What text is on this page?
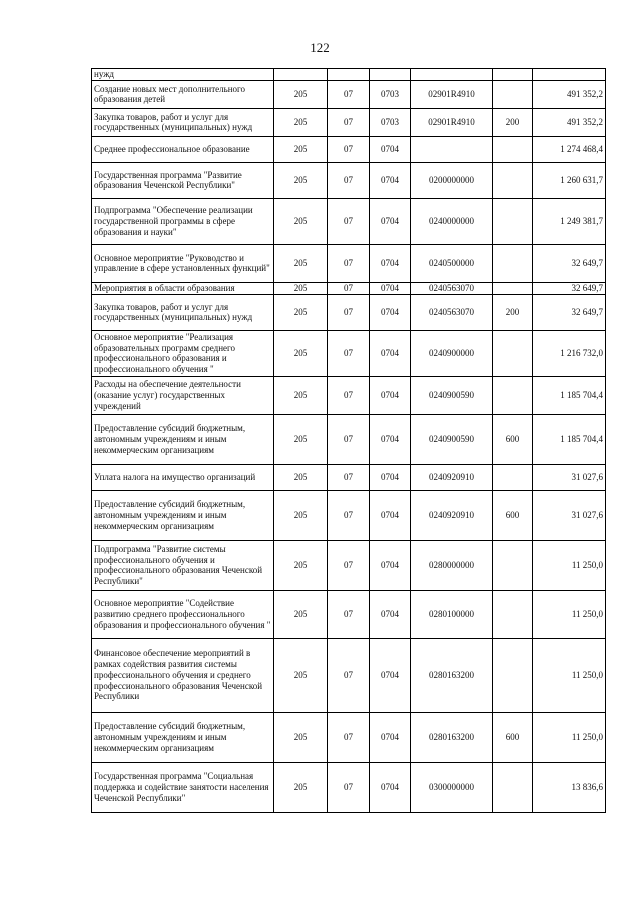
122
нужд						
Создание новых мест дополнительного образования детей	205	07	0703	02901R4910		491 352,2
Закупка товаров, работ и услуг для государственных (муниципальных) нужд	205	07	0703	02901R4910	200	491 352,2
Среднее профессиональное образование	205	07	0704			1 274 468,4
Государственная программа "Развитие образования Чеченской Республики"	205	07	0704	0200000000		1 260 631,7
Подпрограмма "Обеспечение реализации государственной программы в сфере образования и науки"	205	07	0704	0240000000		1 249 381,7
Основное мероприятие "Руководство и управление в сфере установленных функций"	205	07	0704	0240500000		32 649,7
Мероприятия в области образования	205	07	0704	0240563070		32 649,7
Закупка товаров, работ и услуг для государственных (муниципальных) нужд	205	07	0704	0240563070	200	32 649,7
Основное мероприятие "Реализация образовательных программ среднего профессионального образования и профессионального обучения "	205	07	0704	0240900000		1 216 732,0
Расходы на обеспечение деятельности (оказание услуг) государственных учреждений	205	07	0704	0240900590		1 185 704,4
Предоставление субсидий бюджетным, автономным учреждениям и иным некоммерческим организациям	205	07	0704	0240900590	600	1 185 704,4
Уплата налога на имущество организаций	205	07	0704	0240920910		31 027,6
Предоставление субсидий бюджетным, автономным учреждениям и иным некоммерческим организациям	205	07	0704	0240920910	600	31 027,6
Подпрограмма "Развитие системы профессионального обучения и профессионального образования Чеченской Республики"	205	07	0704	0280000000		11 250,0
Основное мероприятие "Содействие развитию среднего профессионального образования и профессионального обучения "	205	07	0704	0280100000		11 250,0
Финансовое обеспечение мероприятий в рамках содействия развития системы профессионального обучения и среднего профессионального образования Чеченской Республики	205	07	0704	0280163200		11 250,0
Предоставление субсидий бюджетным, автономным учреждениям и иным некоммерческим организациям	205	07	0704	0280163200	600	11 250,0
Государственная программа "Социальная поддержка и содействие занятости населения Чеченской Республики"	205	07	0704	0300000000		13 836,6
